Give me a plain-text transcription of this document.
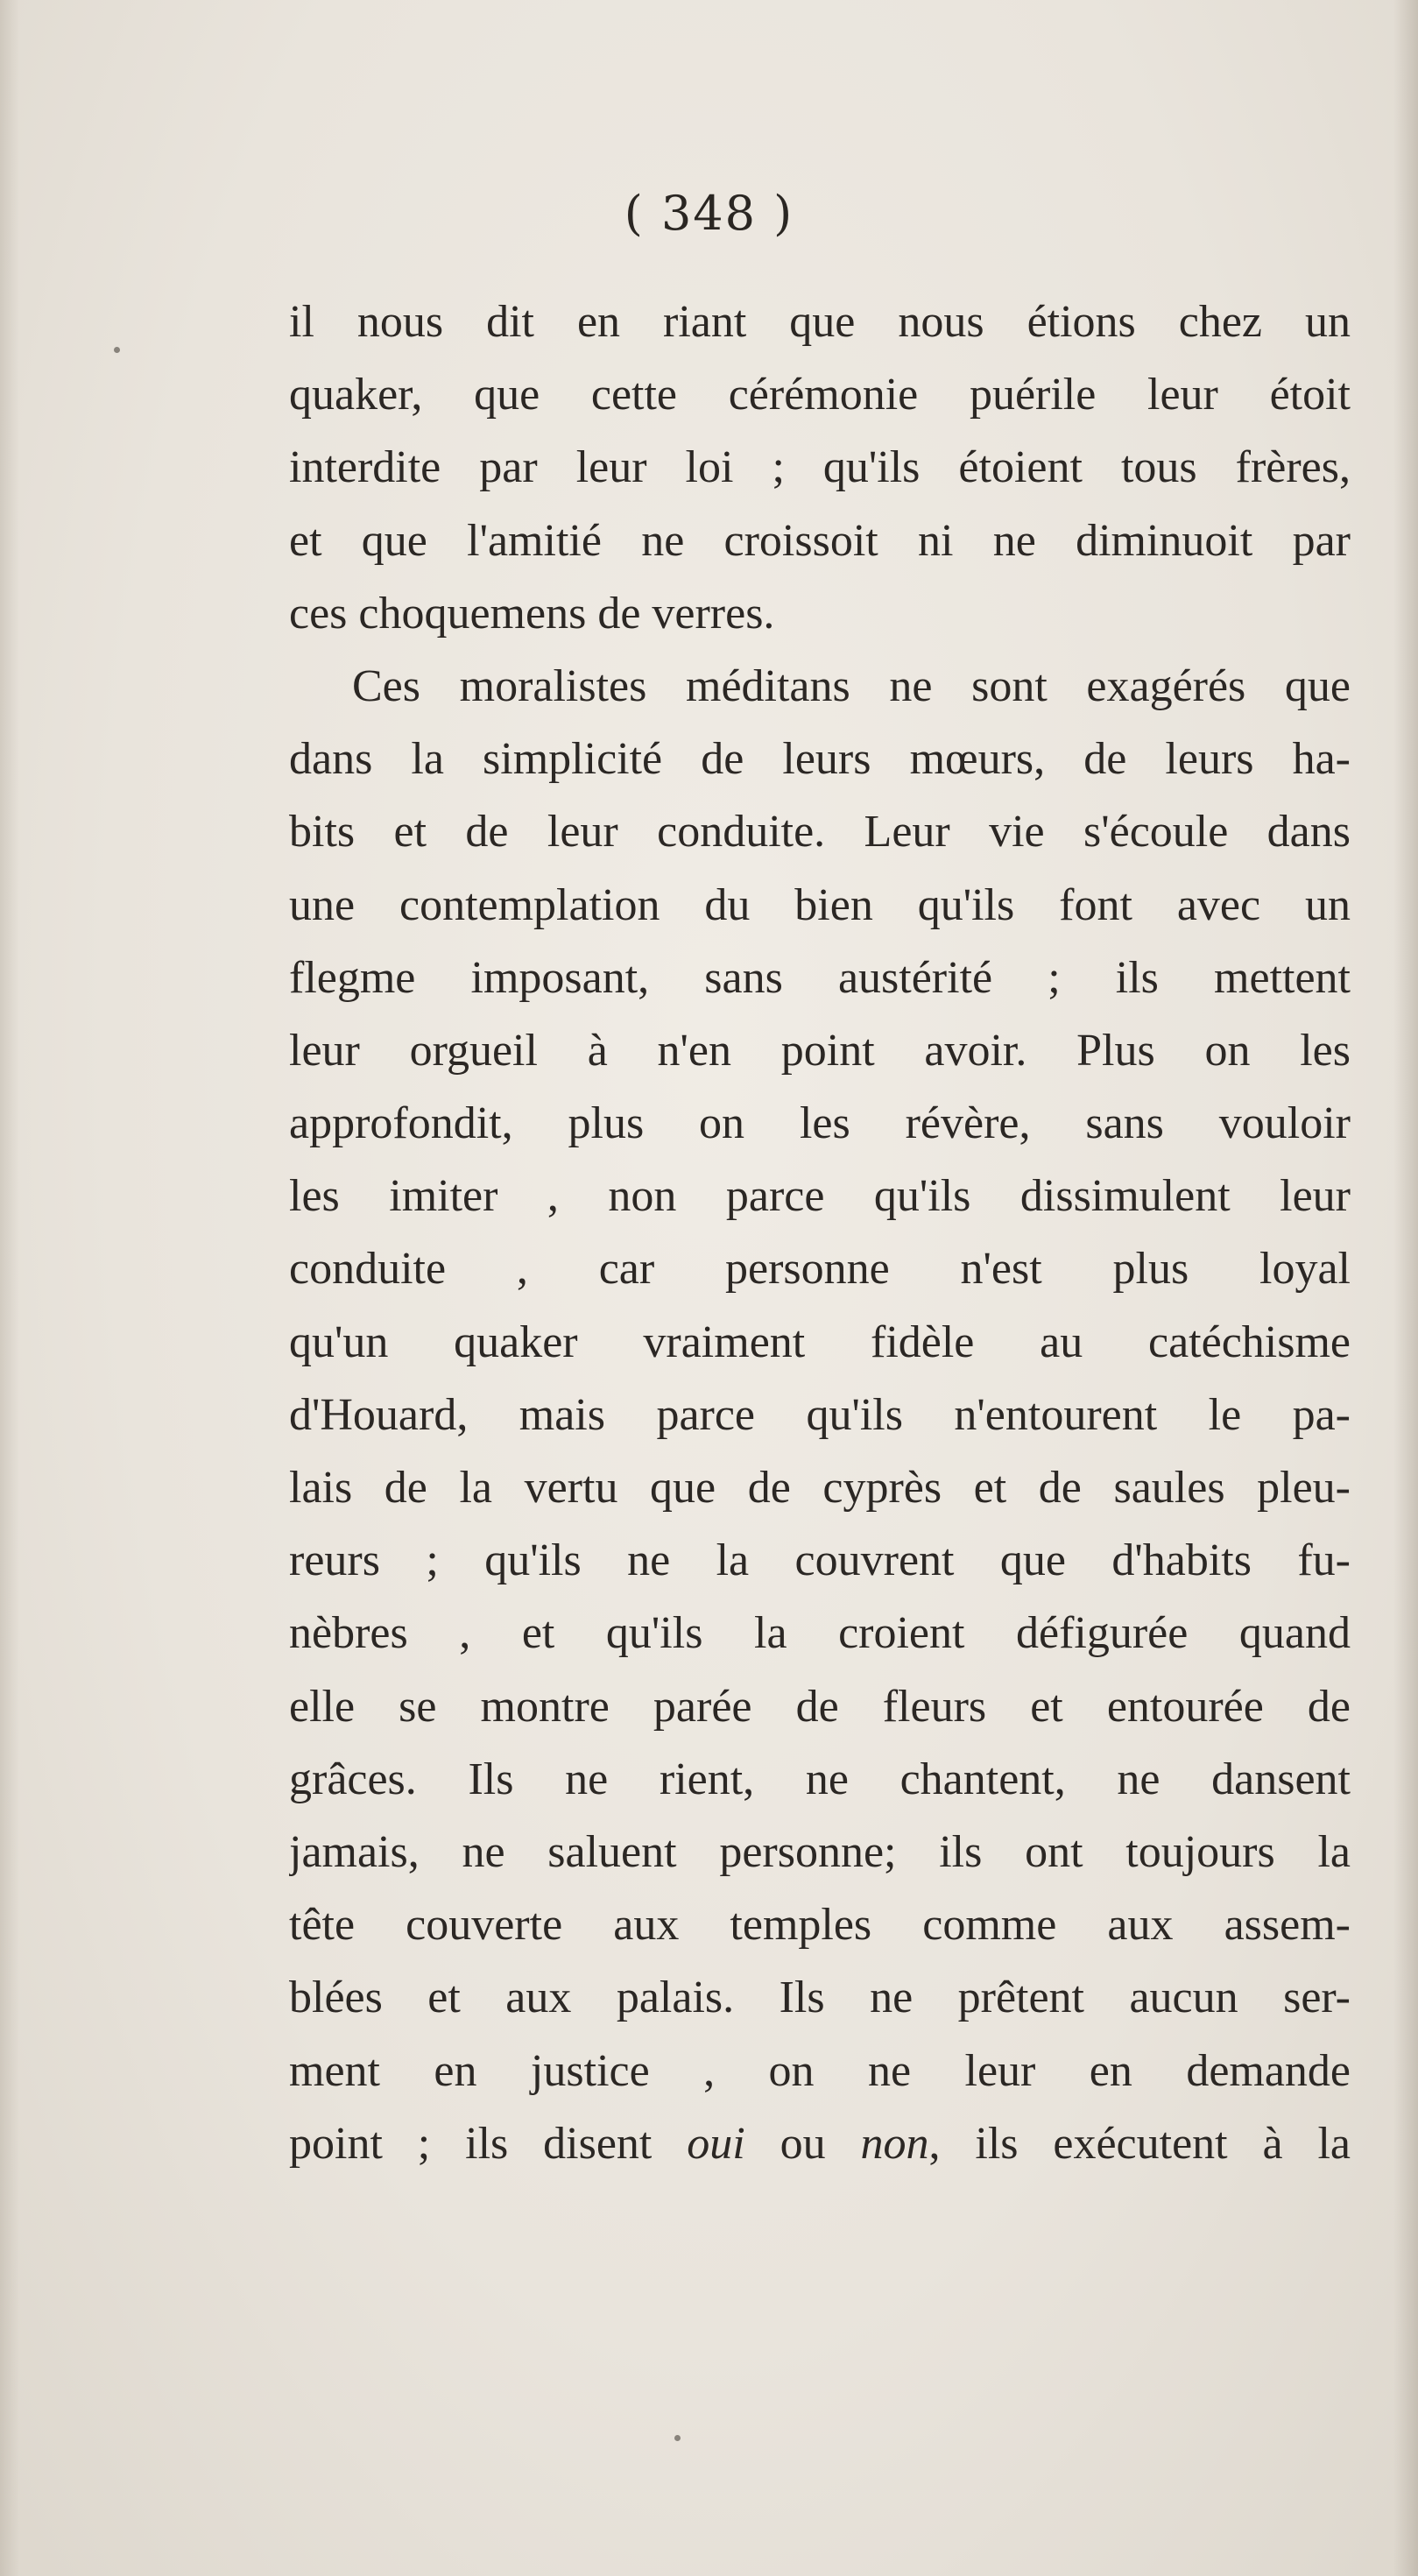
( 348 )
il nous dit en riant que nous étions chez un
quaker, que cette cérémonie puérile leur étoit
interdite par leur loi ; qu'ils étoient tous frères,
et que l'amitié ne croissoit ni ne diminuoit par
ces choquemens de verres.
Ces moralistes méditans ne sont exagérés que
dans la simplicité de leurs mœurs, de leurs ha-
bits et de leur conduite. Leur vie s'écoule dans
une contemplation du bien qu'ils font avec un
flegme imposant, sans austérité ; ils mettent
leur orgueil à n'en point avoir. Plus on les
approfondit, plus on les révère, sans vouloir
les imiter , non parce qu'ils dissimulent leur
conduite , car personne n'est plus loyal
qu'un quaker vraiment fidèle au catéchisme
d'Houard, mais parce qu'ils n'entourent le pa-
lais de la vertu que de cyprès et de saules pleu-
reurs ; qu'ils ne la couvrent que d'habits fu-
nèbres , et qu'ils la croient défigurée quand
elle se montre parée de fleurs et entourée de
grâces. Ils ne rient, ne chantent, ne dansent
jamais, ne saluent personne; ils ont toujours la
tête couverte aux temples comme aux assem-
blées et aux palais. Ils ne prêtent aucun ser-
ment en justice , on ne leur en demande
point ; ils disent oui ou non, ils exécutent à la
